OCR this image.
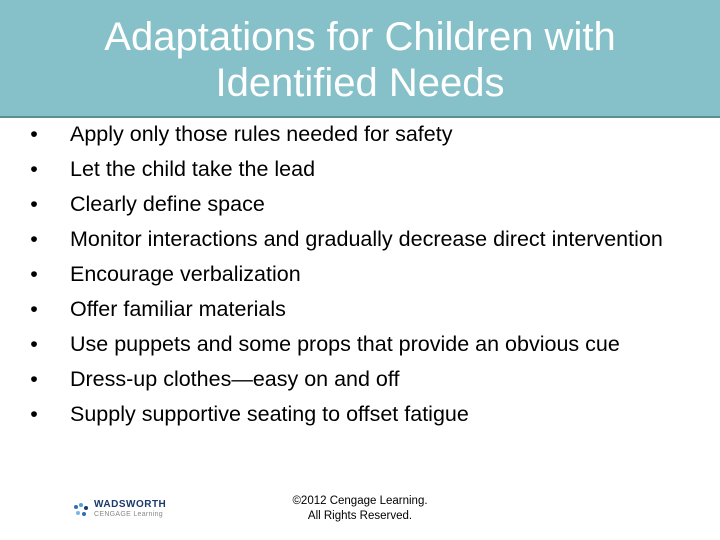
Adaptations for Children with
Identified Needs
• Apply only those rules needed for safety
• Let the child take the lead
• Clearly define space
• Monitor interactions and gradually decrease direct intervention
• Encourage verbalization
• Offer familiar materials
• Use puppets and some props that provide an obvious cue
• Dress-up clothes—easy on and off
• Supply supportive seating to offset fatigue
WADSWORTH
CENGAGE Learning
©2012 Cengage Learning.
All Rights Reserved.
